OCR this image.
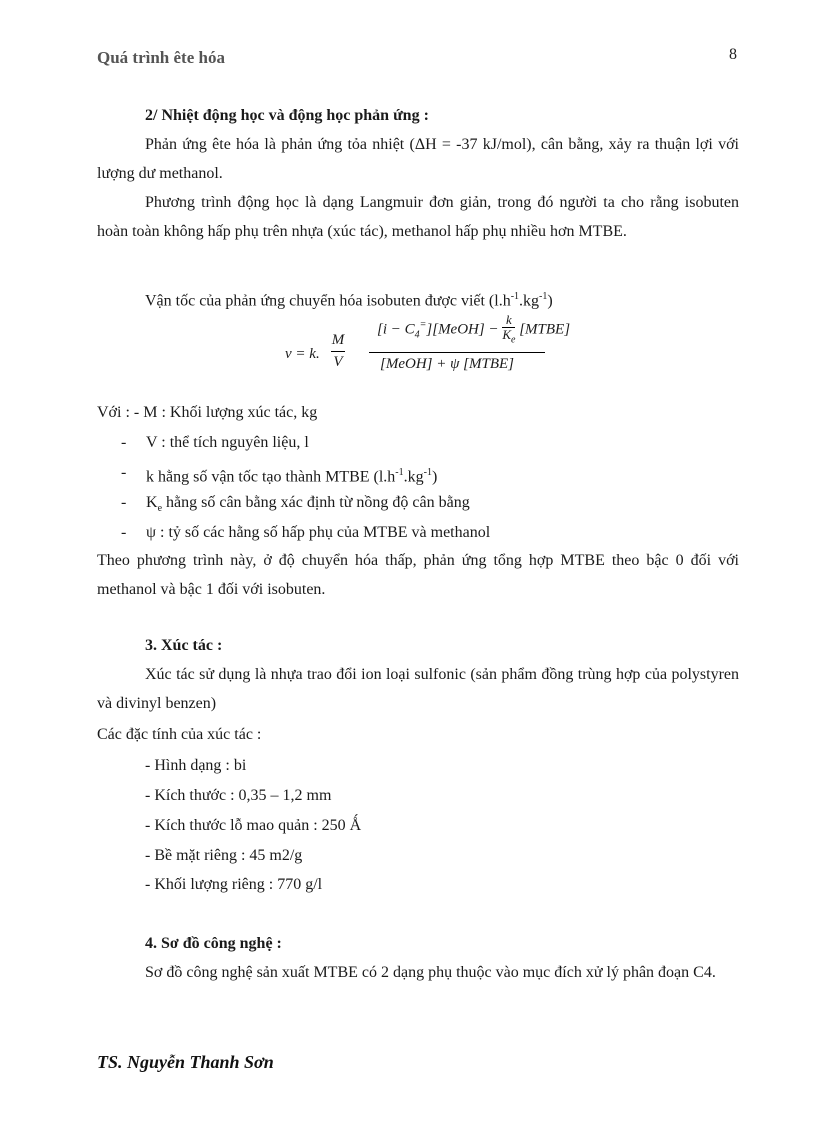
Quá trình ête hóa	8
2/ Nhiệt động học và động học phản ứng :
Phản ứng ête hóa là phản ứng tỏa nhiệt (ΔH = -37 kJ/mol), cân bằng, xảy ra thuận lợi với lượng dư methanol.
Phương trình động học là dạng Langmuir đơn giản, trong đó người ta cho rằng isobuten hoàn toàn không hấp phụ trên nhựa (xúc tác), methanol hấp phụ nhiều hơn MTBE.
Vận tốc của phản ứng chuyển hóa isobuten được viết $(l.h^{-1}.kg^{-1})$
v = k.
M
V
$[i - C_4^=][MeOH] - \frac{k}{K_e}$ [MTBE]
[MeOH] + ψ [MTBE]
Với : - M : Khối lượng xúc tác, kg
- V : thể tích nguyên liệu, l
- k hằng số vận tốc tạo thành MTBE $(l.h^{-1}.kg^{-1})$
- $K_e$ hằng số cân bằng xác định từ nồng độ cân bằng
- ψ : tỷ số các hằng số hấp phụ của MTBE và methanol
Theo phương trình này, ở độ chuyển hóa thấp, phản ứng tổng hợp MTBE theo bậc 0 đối với methanol và bậc 1 đối với isobuten.
3. Xúc tác :
Xúc tác sử dụng là nhựa trao đổi ion loại sulfonic (sản phẩm đồng trùng hợp của polystyren và divinyl benzen)
Các đặc tính của xúc tác :
- Hình dạng : bi
- Kích thước : 0,35 – 1,2 mm
- Kích thước lỗ mao quản : 250 Ǻ
- Bề mặt riêng : 45 m2/g
- Khối lượng riêng : 770 g/l
4. Sơ đồ công nghệ :
Sơ đồ công nghệ sản xuất MTBE có 2 dạng phụ thuộc vào mục đích xử lý phân đoạn C4.
TS. Nguyễn Thanh Sơn
